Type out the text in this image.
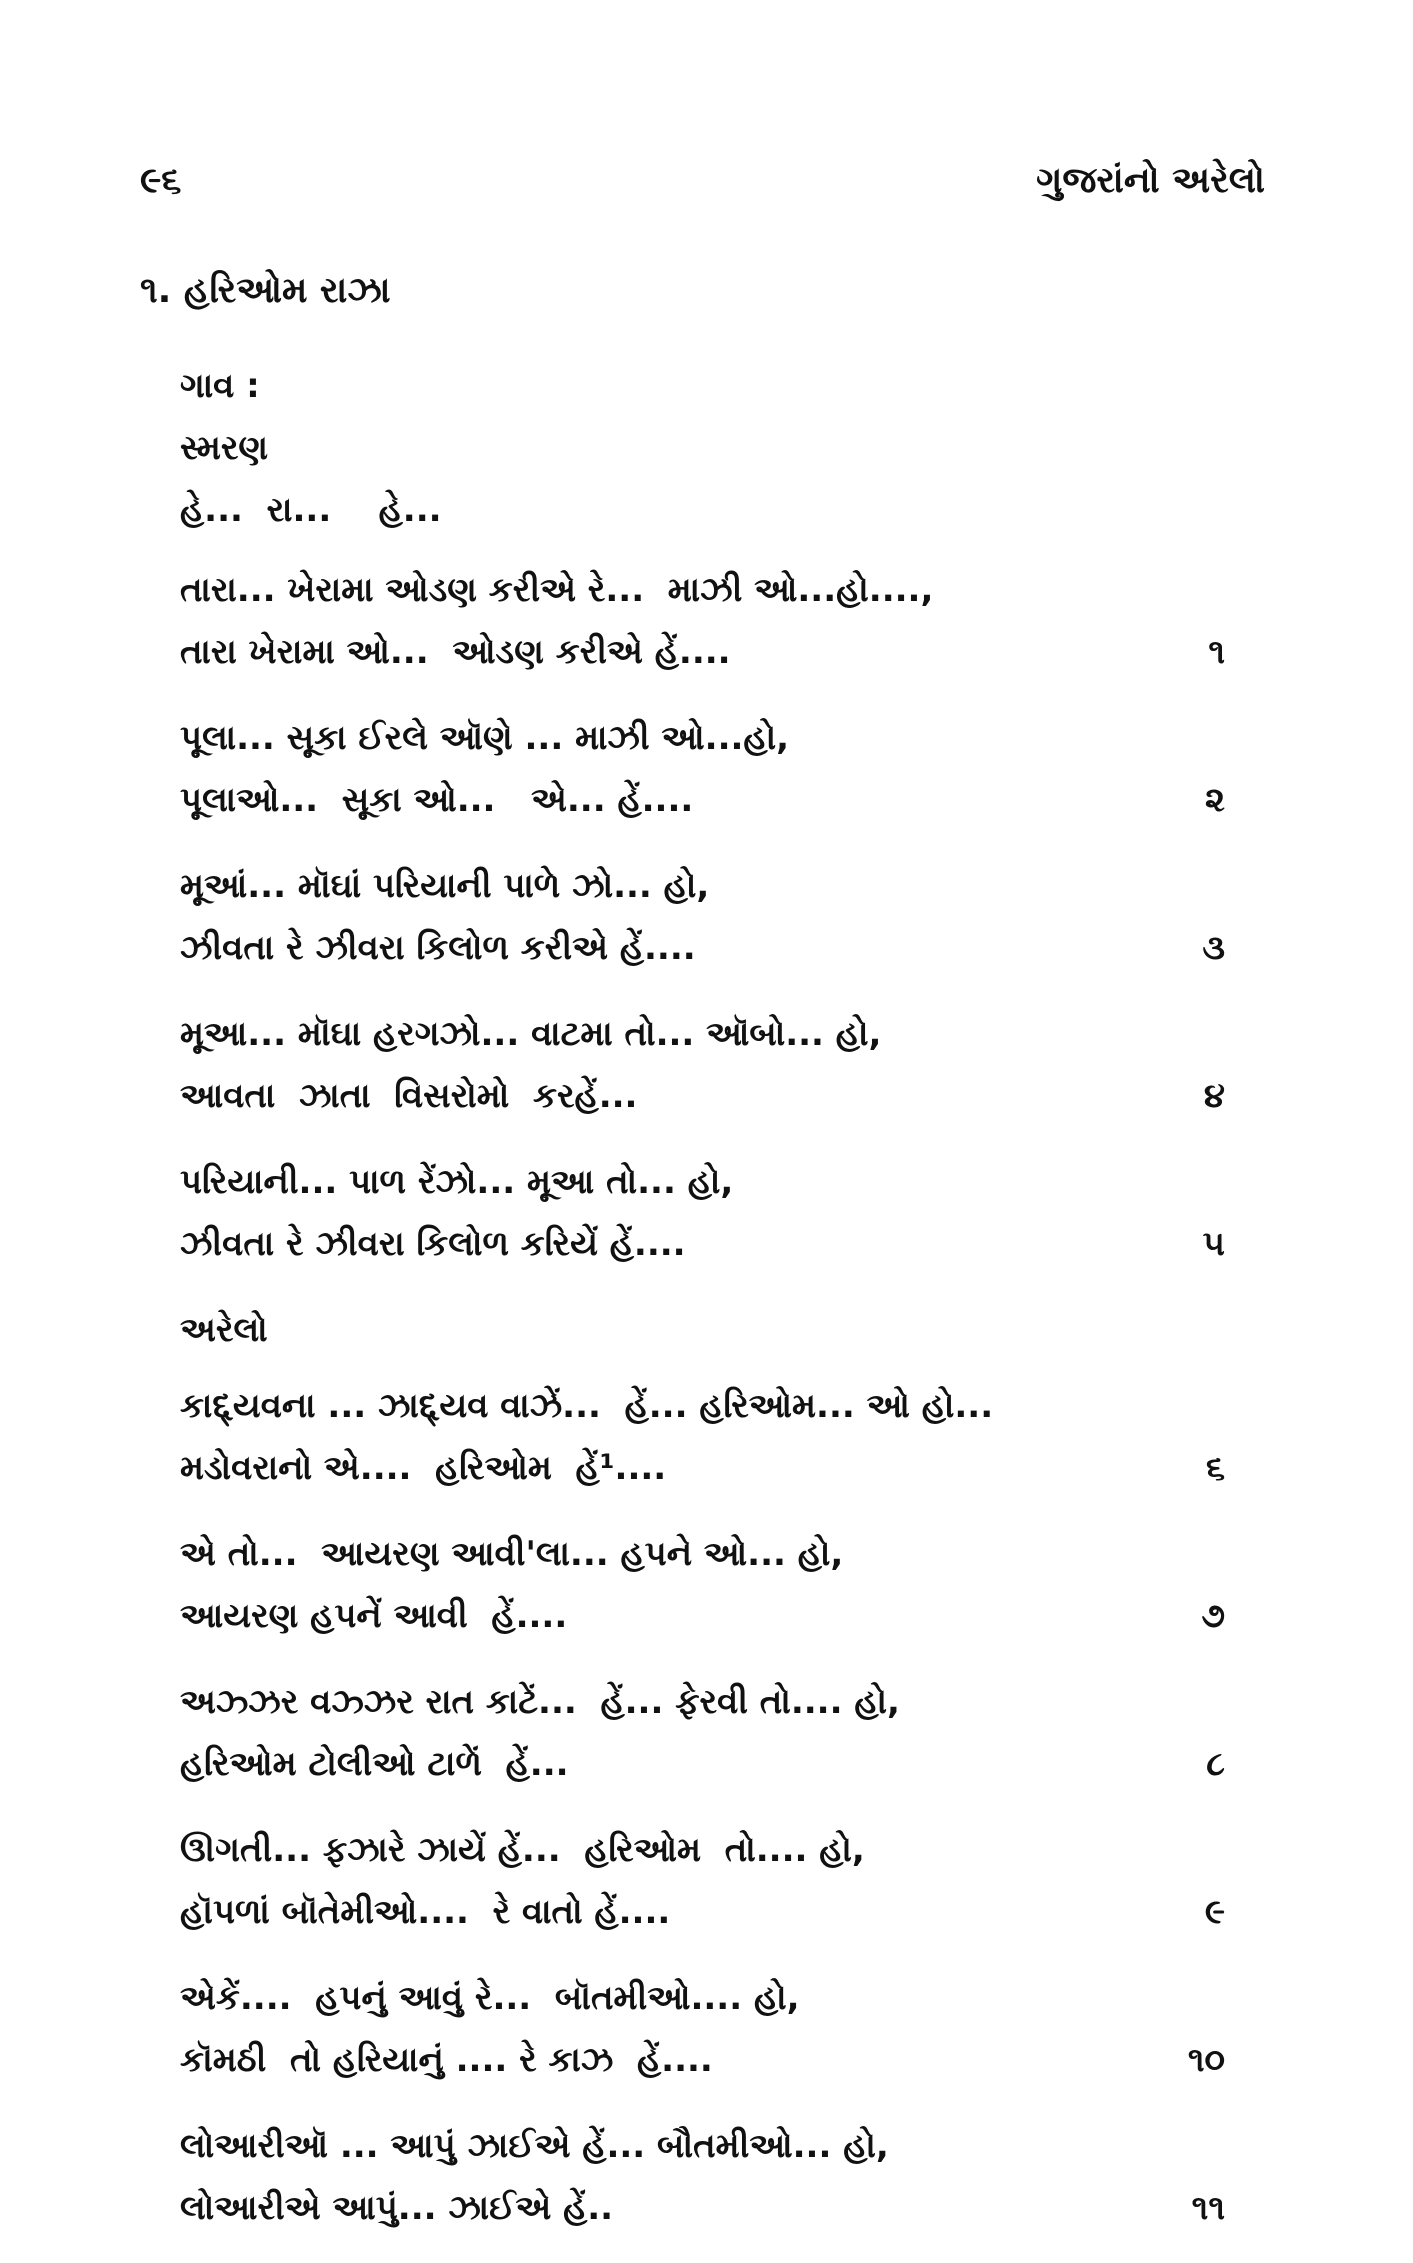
૯૬	ગુજરાંનો અરેલો
૧. હરિઓમ રાઝા
ગાવ :
સ્મરણ
હે...  રા...    હે...
તારા... ખેરામા ઓડણ કરીએ રે...  માઝી ઓ...હો....,
તારા ખેરામા ઓ...  ઓડણ કરીએ હેં....	૧
પૂલા... સૂકા ઈરલે ઑણે ... માઝી ઓ...હો,
પૂલાઓ...  સૂકા ઓ...   એ... હેં....	૨
મૂઆં... મૉઘાં પરિયાની પાળે ઝો... હો,
ઝીવતા રે ઝીવરા કિલોળ કરીએ હેં....	૩
મૂઆ... મૉઘા હરગઝો... વાટમા તો... ઑબો... હો,
આવતા  ઝાતા  વિસરોમો  કરહેં...	૪
પરિયાની... પાળ રેંઝો... મૂઆ તો... હો,
ઝીવતા રે ઝીવરા કિલોળ કરિયેં હેં....	૫
અરેલો
કાદ્દ્યવના ... ઝાદ્દ્યવ વાઝેં...  હેં... હરિઓમ... ઓ હો...
મડોવરાનો એ....  હરિઓમ  હેં¹....	૬
એ તો...  આયરણ આવી'લા... હપને ઓ... હો,
આયરણ હપનેં આવી  હેં....	૭
અઝ્ઝર વઝ્ઝર રાત કાટેં...  હેં... ફેરવી તો.... હો,
હરિઓમ ટોલીઓ ટાળેં  હેં...	૮
ઊગતી... ફઝારે ઝાયેં હેં...  હરિઓમ  તો.... હો,
હૉપળાં બૉતેમીઓ....  રે વાતો હેં....	૯
એકેં....  હપનું આવું રે...  બૉતમીઓ.... હો,
કૉમઠી  તો હરિયાનું .... રે કાઝ  હેં....	૧૦
લોઆરીઑ ... આપું ઝાઈએ હેં... બૌતમીઓ... હો,
લોઆરીએ આપું... ઝાઈએ હેં..	૧૧
